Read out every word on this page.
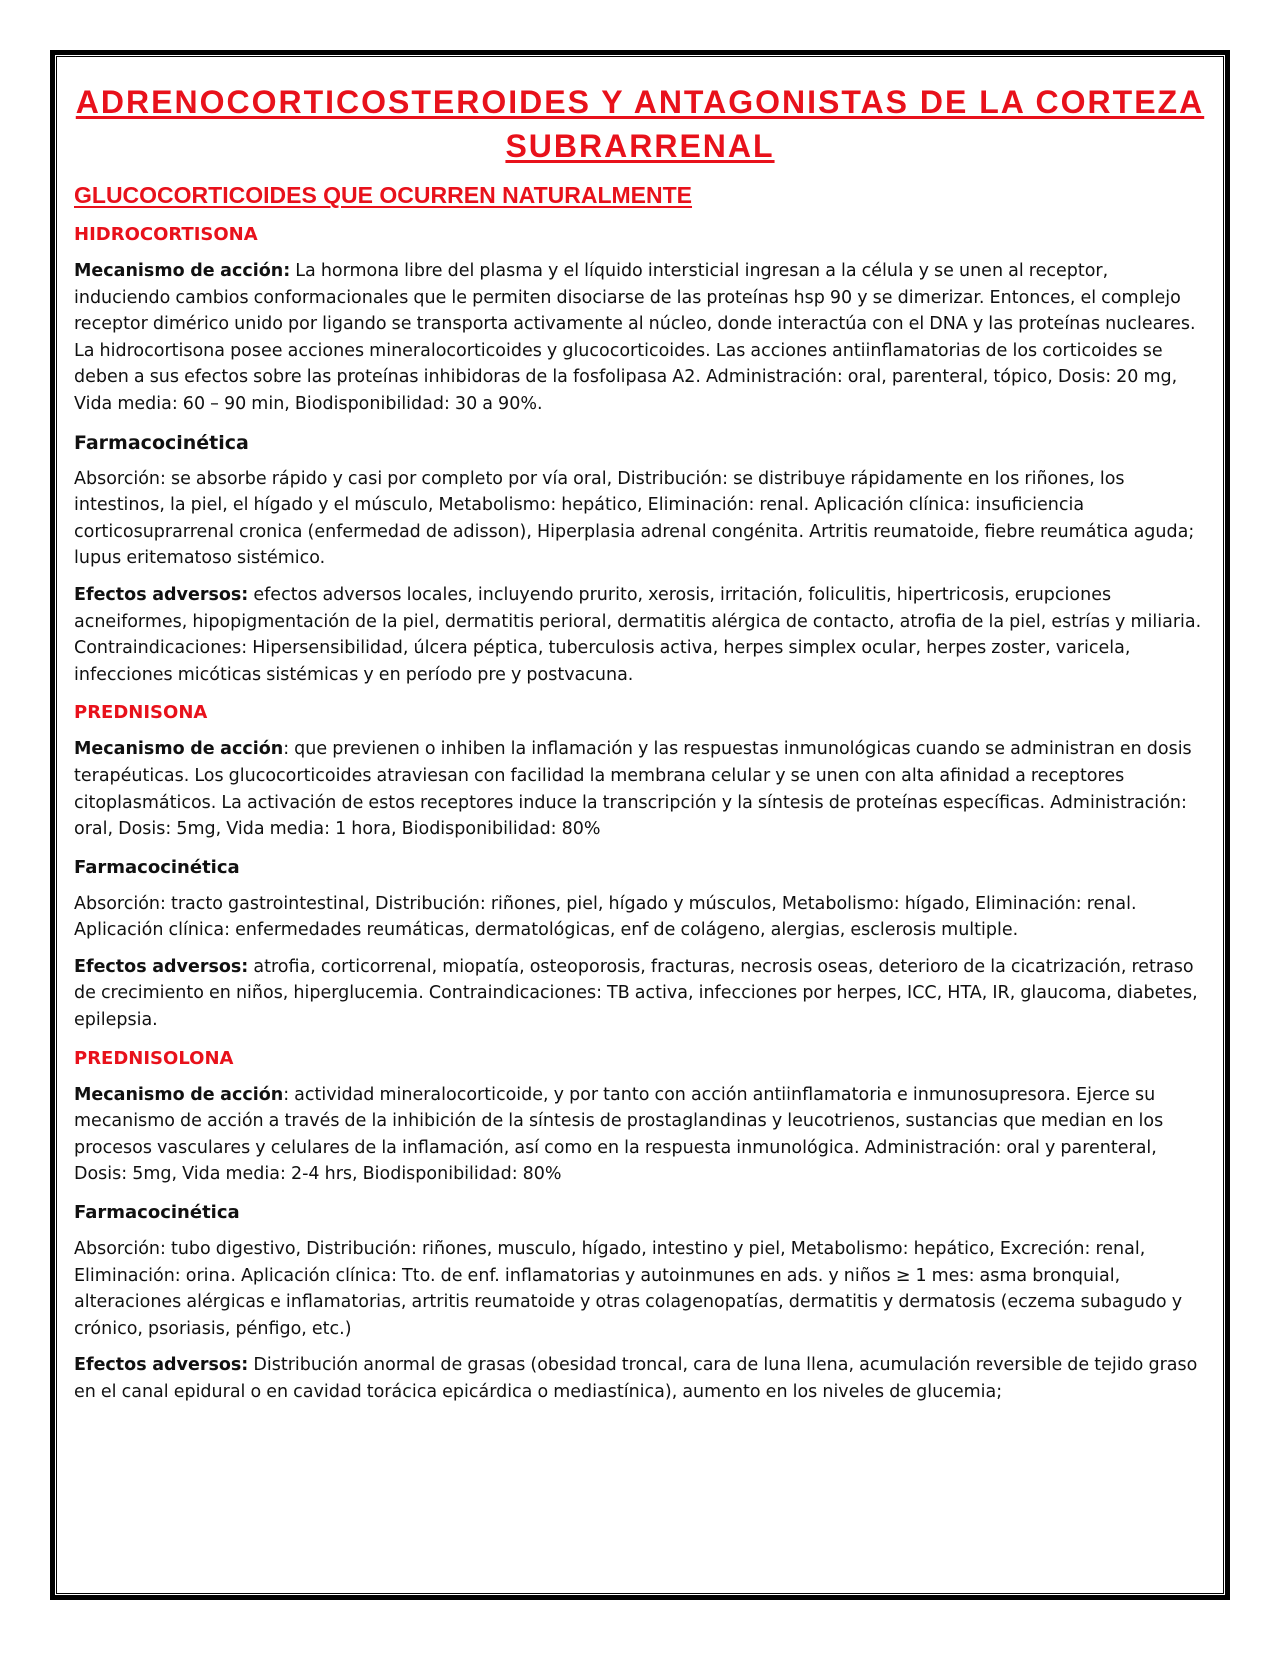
ADRENOCORTICOSTEROIDES Y ANTAGONISTAS DE LA CORTEZA SUBRARRENAL
GLUCOCORTICOIDES QUE OCURREN NATURALMENTE
HIDROCORTISONA

Mecanismo de acción: La hormona libre del plasma y el líquido intersticial ingresan a la célula y se unen al receptor, induciendo cambios conformacionales que le permiten disociarse de las proteínas hsp 90 y se dimerizar. Entonces, el complejo receptor dimérico unido por ligando se transporta activamente al núcleo, donde interactúa con el DNA y las proteínas nucleares. La hidrocortisona posee acciones mineralocorticoides y glucocorticoides. Las acciones antiinflamatorias de los corticoides se deben a sus efectos sobre las proteínas inhibidoras de la fosfolipasa A2. Administración: oral, parenteral, tópico, Dosis: 20 mg, Vida media: 60 – 90 min, Biodisponibilidad: 30 a 90%.

Farmacocinética

Absorción: se absorbe rápido y casi por completo por vía oral, Distribución: se distribuye rápidamente en los riñones, los intestinos, la piel, el hígado y el músculo, Metabolismo: hepático, Eliminación: renal. Aplicación clínica: insuficiencia corticosuprarrenal cronica (enfermedad de adisson), Hiperplasia adrenal congénita. Artritis reumatoide, fiebre reumática aguda; lupus eritematoso sistémico.

Efectos adversos: efectos adversos locales, incluyendo prurito, xerosis, irritación, foliculitis, hipertricosis, erupciones acneiformes, hipopigmentación de la piel, dermatitis perioral, dermatitis alérgica de contacto, atrofia de la piel, estrías y miliaria. Contraindicaciones: Hipersensibilidad, úlcera péptica, tuberculosis activa, herpes simplex ocular, herpes zoster, varicela, infecciones micóticas sistémicas y en período pre y postvacuna.

PREDNISONA

Mecanismo de acción: que previenen o inhiben la inflamación y las respuestas inmunológicas cuando se administran en dosis terapéuticas. Los glucocorticoides atraviesan con facilidad la membrana celular y se unen con alta afinidad a receptores citoplasmáticos. La activación de estos receptores induce la transcripción y la síntesis de proteínas específicas. Administración: oral, Dosis: 5mg, Vida media: 1 hora, Biodisponibilidad: 80%

Farmacocinética

Absorción: tracto gastrointestinal, Distribución: riñones, piel, hígado y músculos, Metabolismo: hígado, Eliminación: renal. Aplicación clínica: enfermedades reumáticas, dermatológicas, enf de colágeno, alergias, esclerosis multiple.

Efectos adversos: atrofia, corticorrenal, miopatía, osteoporosis, fracturas, necrosis oseas, deterioro de la cicatrización, retraso de crecimiento en niños, hiperglucemia. Contraindicaciones: TB activa, infecciones por herpes, ICC, HTA, IR, glaucoma, diabetes, epilepsia.

PREDNISOLONA

Mecanismo de acción: actividad mineralocorticoide, y por tanto con acción antiinflamatoria e inmunosupresora. Ejerce su mecanismo de acción a través de la inhibición de la síntesis de prostaglandinas y leucotrienos, sustancias que median en los procesos vasculares y celulares de la inflamación, así como en la respuesta inmunológica. Administración: oral y parenteral, Dosis: 5mg, Vida media: 2-4 hrs, Biodisponibilidad: 80%

Farmacocinética

Absorción: tubo digestivo, Distribución: riñones, musculo, hígado, intestino y piel, Metabolismo: hepático, Excreción: renal, Eliminación: orina. Aplicación clínica: Tto. de enf. inflamatorias y autoinmunes en ads. y niños ≥ 1 mes: asma bronquial, alteraciones alérgicas e inflamatorias, artritis reumatoide y otras colagenopatías, dermatitis y dermatosis (eczema subagudo y crónico, psoriasis, pénfigo, etc.)

Efectos adversos: Distribución anormal de grasas (obesidad troncal, cara de luna llena, acumulación reversible de tejido graso en el canal epidural o en cavidad torácica epicárdica o mediastínica), aumento en los niveles de glucemia;
